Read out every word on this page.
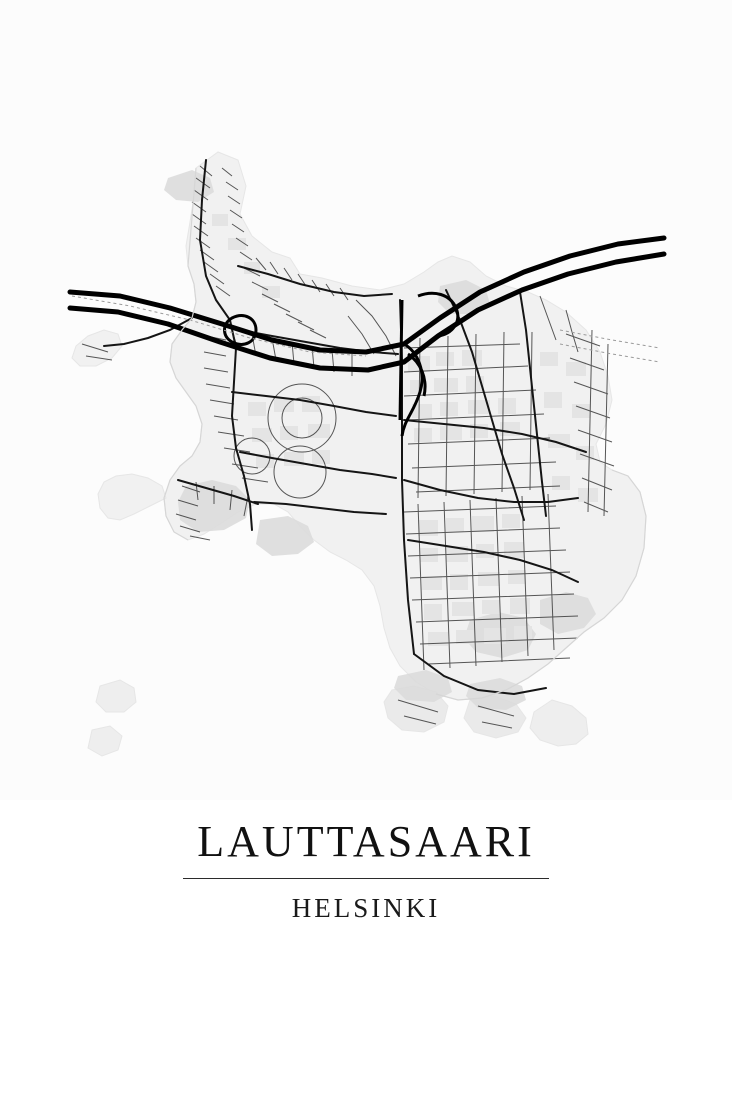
LAUTTASAARI
HELSINKI
